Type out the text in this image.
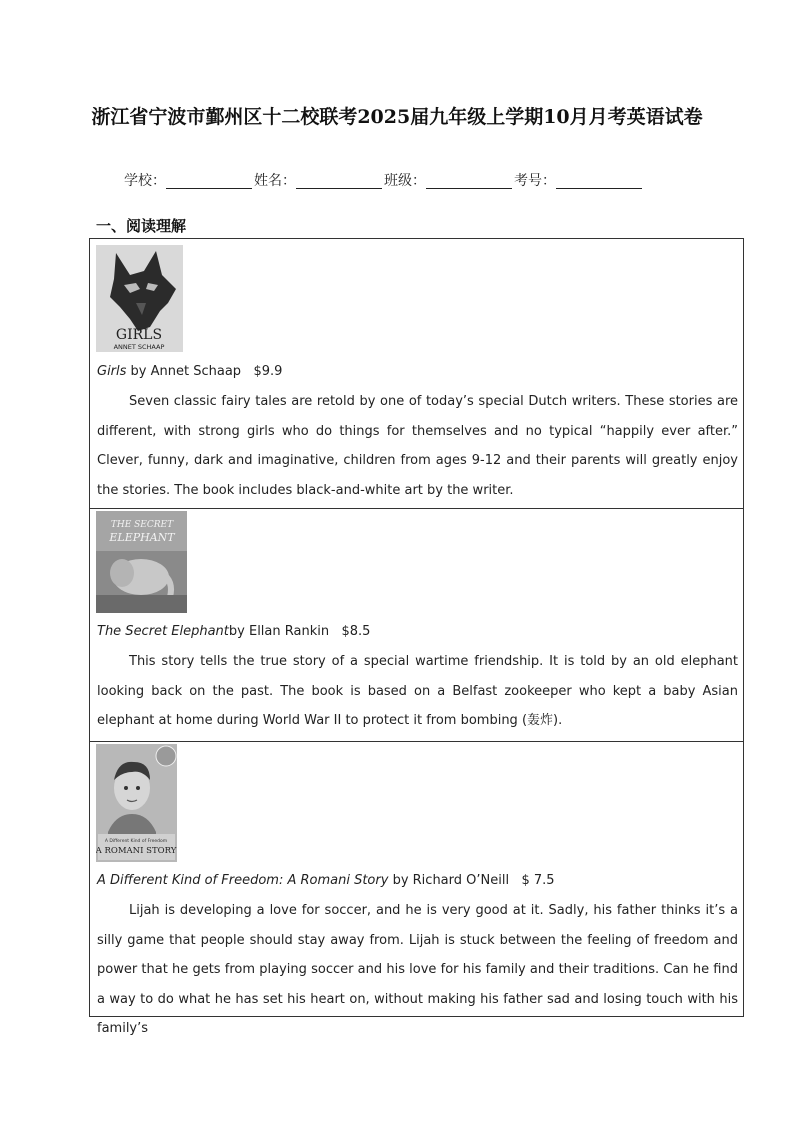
浙江省宁波市鄞州区十二校联考2025届九年级上学期10月月考英语试卷
学校：	姓名：	班级：	考号：
一、阅读理解
GIRLS
ANNET SCHAAP
Girls by Annet Schaap $9.9
Seven classic fairy tales are retold by one of today’s special Dutch writers. These stories are different, with strong girls who do things for themselves and no typical “happily ever after.” Clever, funny, dark and imaginative, children from ages 9-12 and their parents will greatly enjoy the stories. The book includes black-and-white art by the writer.
THE SECRET
ELEPHANT
The Secret Elephantby Ellan Rankin $8.5
This story tells the true story of a special wartime friendship. It is told by an old elephant looking back on the past. The book is based on a Belfast zookeeper who kept a baby Asian elephant at home during World War II to protect it from bombing (轰炸).
A Different Kind of Freedom
A ROMANI STORY
A Different Kind of Freedom: A Romani Story by Richard O’Neill $ 7.5
Lijah is developing a love for soccer, and he is very good at it. Sadly, his father thinks it’s a silly game that people should stay away from. Lijah is stuck between the feeling of freedom and power that he gets from playing soccer and his love for his family and their traditions. Can he find a way to do what he has set his heart on, without making his father sad and losing touch with his family’s
